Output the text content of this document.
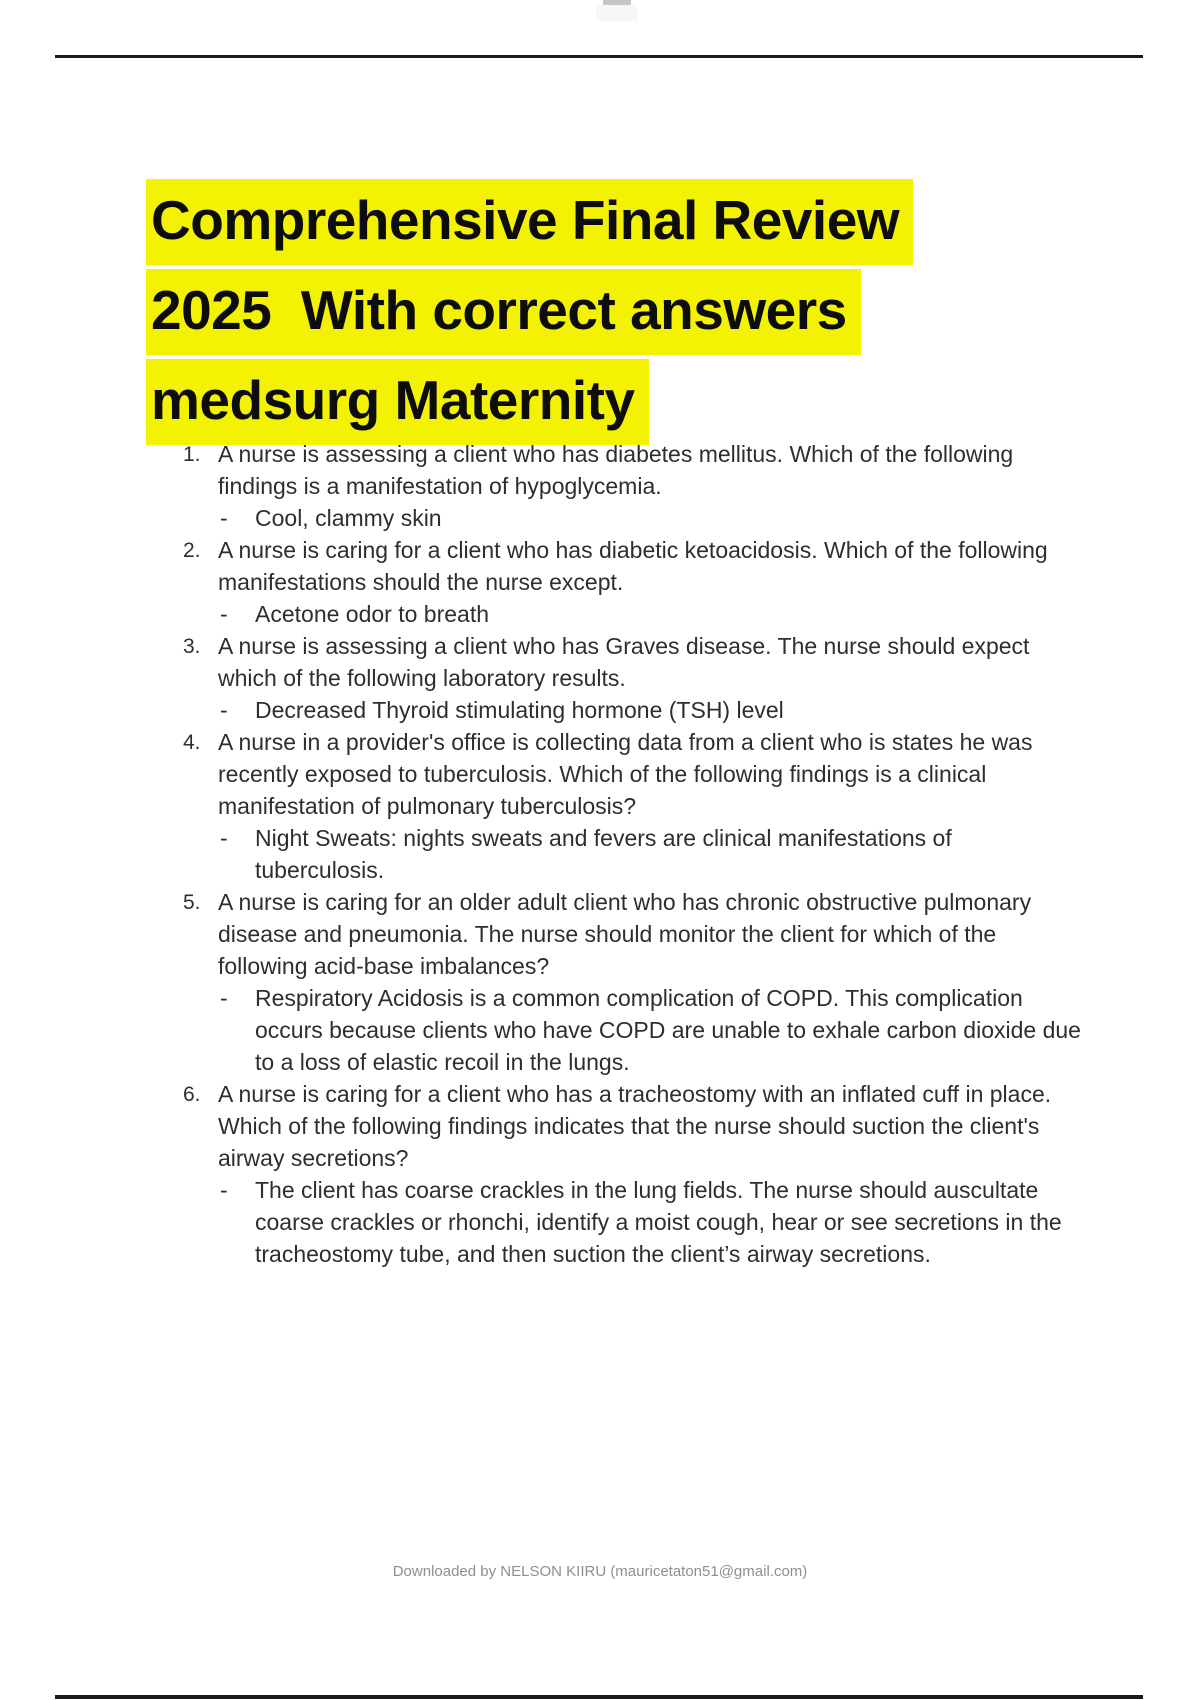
Comprehensive Final Review
2025  With correct answers
medsurg Maternity
1. A nurse is assessing a client who has diabetes mellitus. Which of the following findings is a manifestation of hypoglycemia.
-	Cool, clammy skin
2. A nurse is caring for a client who has diabetic ketoacidosis. Which of the following manifestations should the nurse except.
-	Acetone odor to breath
3. A nurse is assessing a client who has Graves disease. The nurse should expect which of the following laboratory results.
-	Decreased Thyroid stimulating hormone (TSH) level
4. A nurse in a provider's office is collecting data from a client who is states he was recently exposed to tuberculosis. Which of the following findings is a clinical manifestation of pulmonary tuberculosis?
-	Night Sweats: nights sweats and fevers are clinical manifestations of tuberculosis.
5. A nurse is caring for an older adult client who has chronic obstructive pulmonary disease and pneumonia. The nurse should monitor the client for which of the following acid-base imbalances?
-	Respiratory Acidosis is a common complication of COPD. This complication occurs because clients who have COPD are unable to exhale carbon dioxide due to a loss of elastic recoil in the lungs.
6. A nurse is caring for a client who has a tracheostomy with an inflated cuff in place. Which of the following findings indicates that the nurse should suction the client's airway secretions?
-	The client has coarse crackles in the lung fields. The nurse should auscultate coarse crackles or rhonchi, identify a moist cough, hear or see secretions in the tracheostomy tube, and then suction the client’s airway secretions.
Downloaded by NELSON KIIRU (mauricetaton51@gmail.com)
